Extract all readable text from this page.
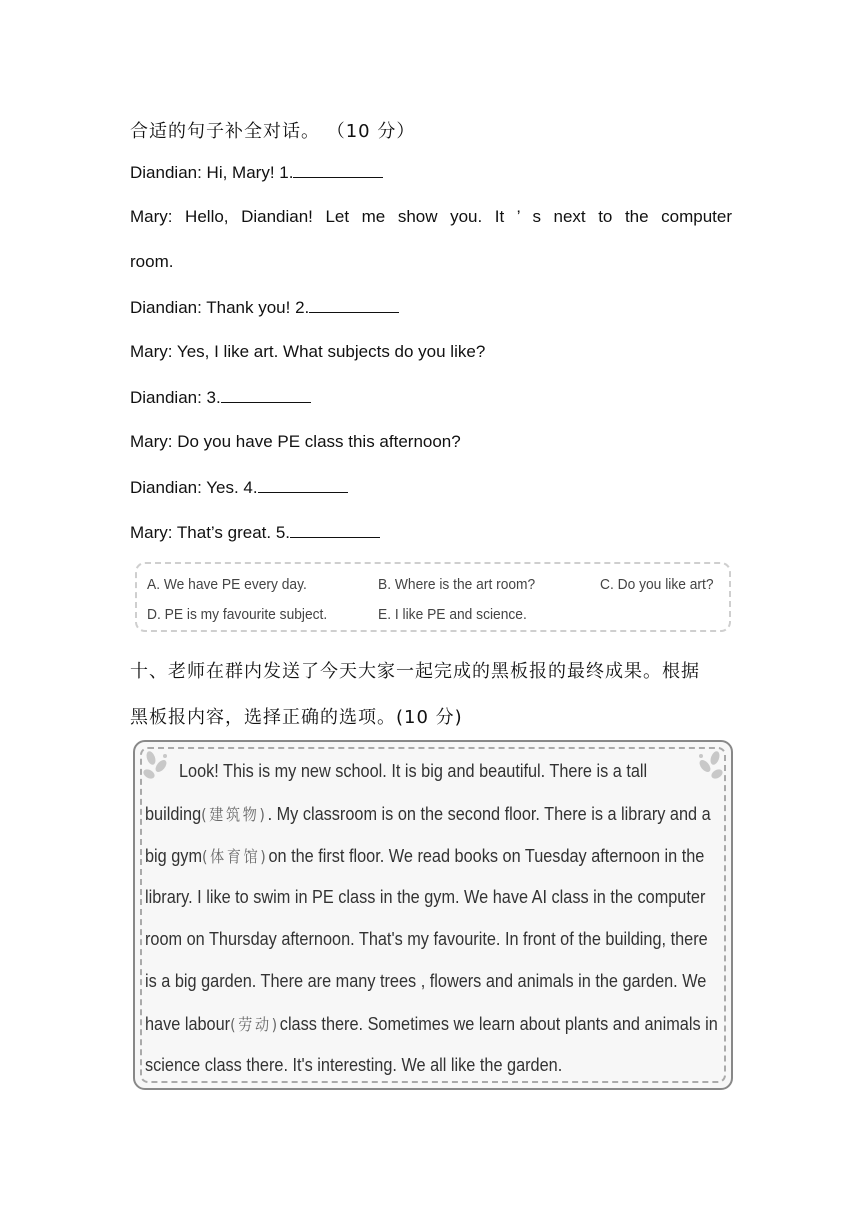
合适的句子补全对话。 （10 分）
Diandian: Hi, Mary! 1.
Mary: Hello, Diandian! Let me show you. It ’ s next to the computer
room.
Diandian: Thank you! 2.
Mary: Yes, I like art. What subjects do you like?
Diandian: 3.
Mary: Do you have PE class this afternoon?
Diandian: Yes. 4.
Mary: That’s great. 5.
A. We have PE every day.	B. Where is the art room?	C. Do you like art?
D. PE is my favourite subject.	E. I like PE and science.
十、老师在群内发送了今天大家一起完成的黑板报的最终成果。根据
黑板报内容，选择正确的选项。(10 分)
Look! This is my new school. It is big and beautiful. There is a tall
building(建筑物). My classroom is on the second floor. There is a library and a
big gym(体育馆)on the first floor. We read books on Tuesday afternoon in the
library. I like to swim in PE class in the gym. We have AI class in the computer
room on Thursday afternoon. That's my favourite. In front of the building, there
is a big garden. There are many trees , flowers and animals in the garden. We
have labour(劳动)class there. Sometimes we learn about plants and animals in
science class there. It's interesting. We all like the garden.
